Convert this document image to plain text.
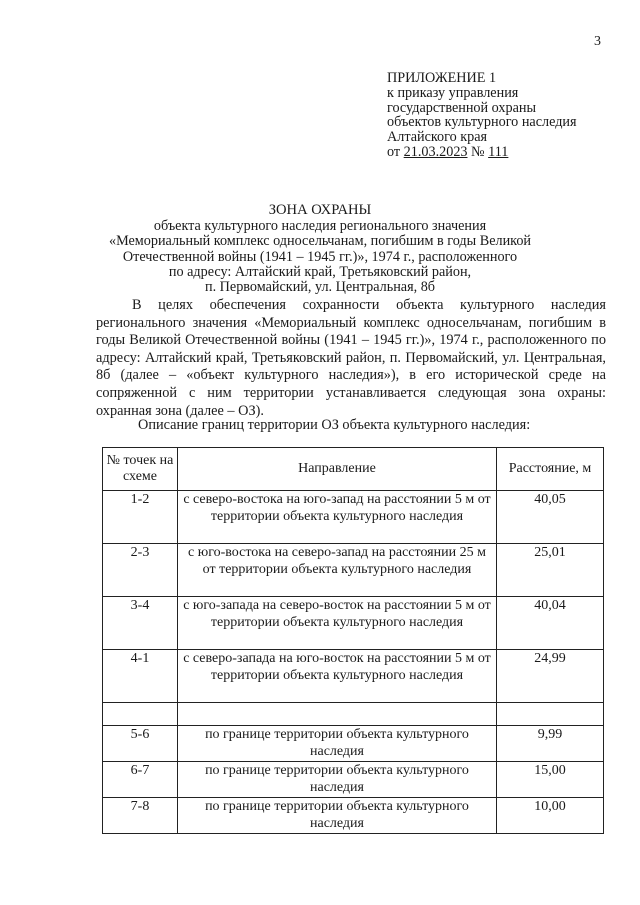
3
ПРИЛОЖЕНИЕ 1
к приказу управления
государственной охраны
объектов культурного наследия
Алтайского края
от 21.03.2023 № 111
ЗОНА ОХРАНЫ
объекта культурного наследия регионального значения
«Мемориальный комплекс односельчанам, погибшим в годы Великой
Отечественной войны (1941 – 1945 гг.)», 1974 г., расположенного
по адресу: Алтайский край, Третьяковский район,
п. Первомайский, ул. Центральная, 8б
В целях обеспечения сохранности объекта культурного наследия регионального значения «Мемориальный комплекс односельчанам, погибшим в годы Великой Отечественной войны (1941 – 1945 гг.)», 1974 г., расположенного по адресу: Алтайский край, Третьяковский район, п. Первомайский, ул. Центральная, 8б (далее – «объект культурного наследия»), в его исторической среде на сопряженной с ним территории устанавливается следующая зона охраны: охранная зона (далее – ОЗ).
Описание границ территории ОЗ объекта культурного наследия:
№ точек на схеме	Направление	Расстояние, м
1-2	с северо-востока на юго-запад на расстоянии 5 м от территории объекта культурного наследия	40,05
2-3	с юго-востока на северо-запад на расстоянии 25 м от территории объекта культурного наследия	25,01
3-4	с юго-запада на северо-восток на расстоянии 5 м от территории объекта культурного наследия	40,04
4-1	с северо-запада на юго-восток на расстоянии 5 м от территории объекта культурного наследия	24,99

5-6	по границе территории объекта культурного наследия	9,99
6-7	по границе территории объекта культурного наследия	15,00
7-8	по границе территории объекта культурного наследия	10,00
